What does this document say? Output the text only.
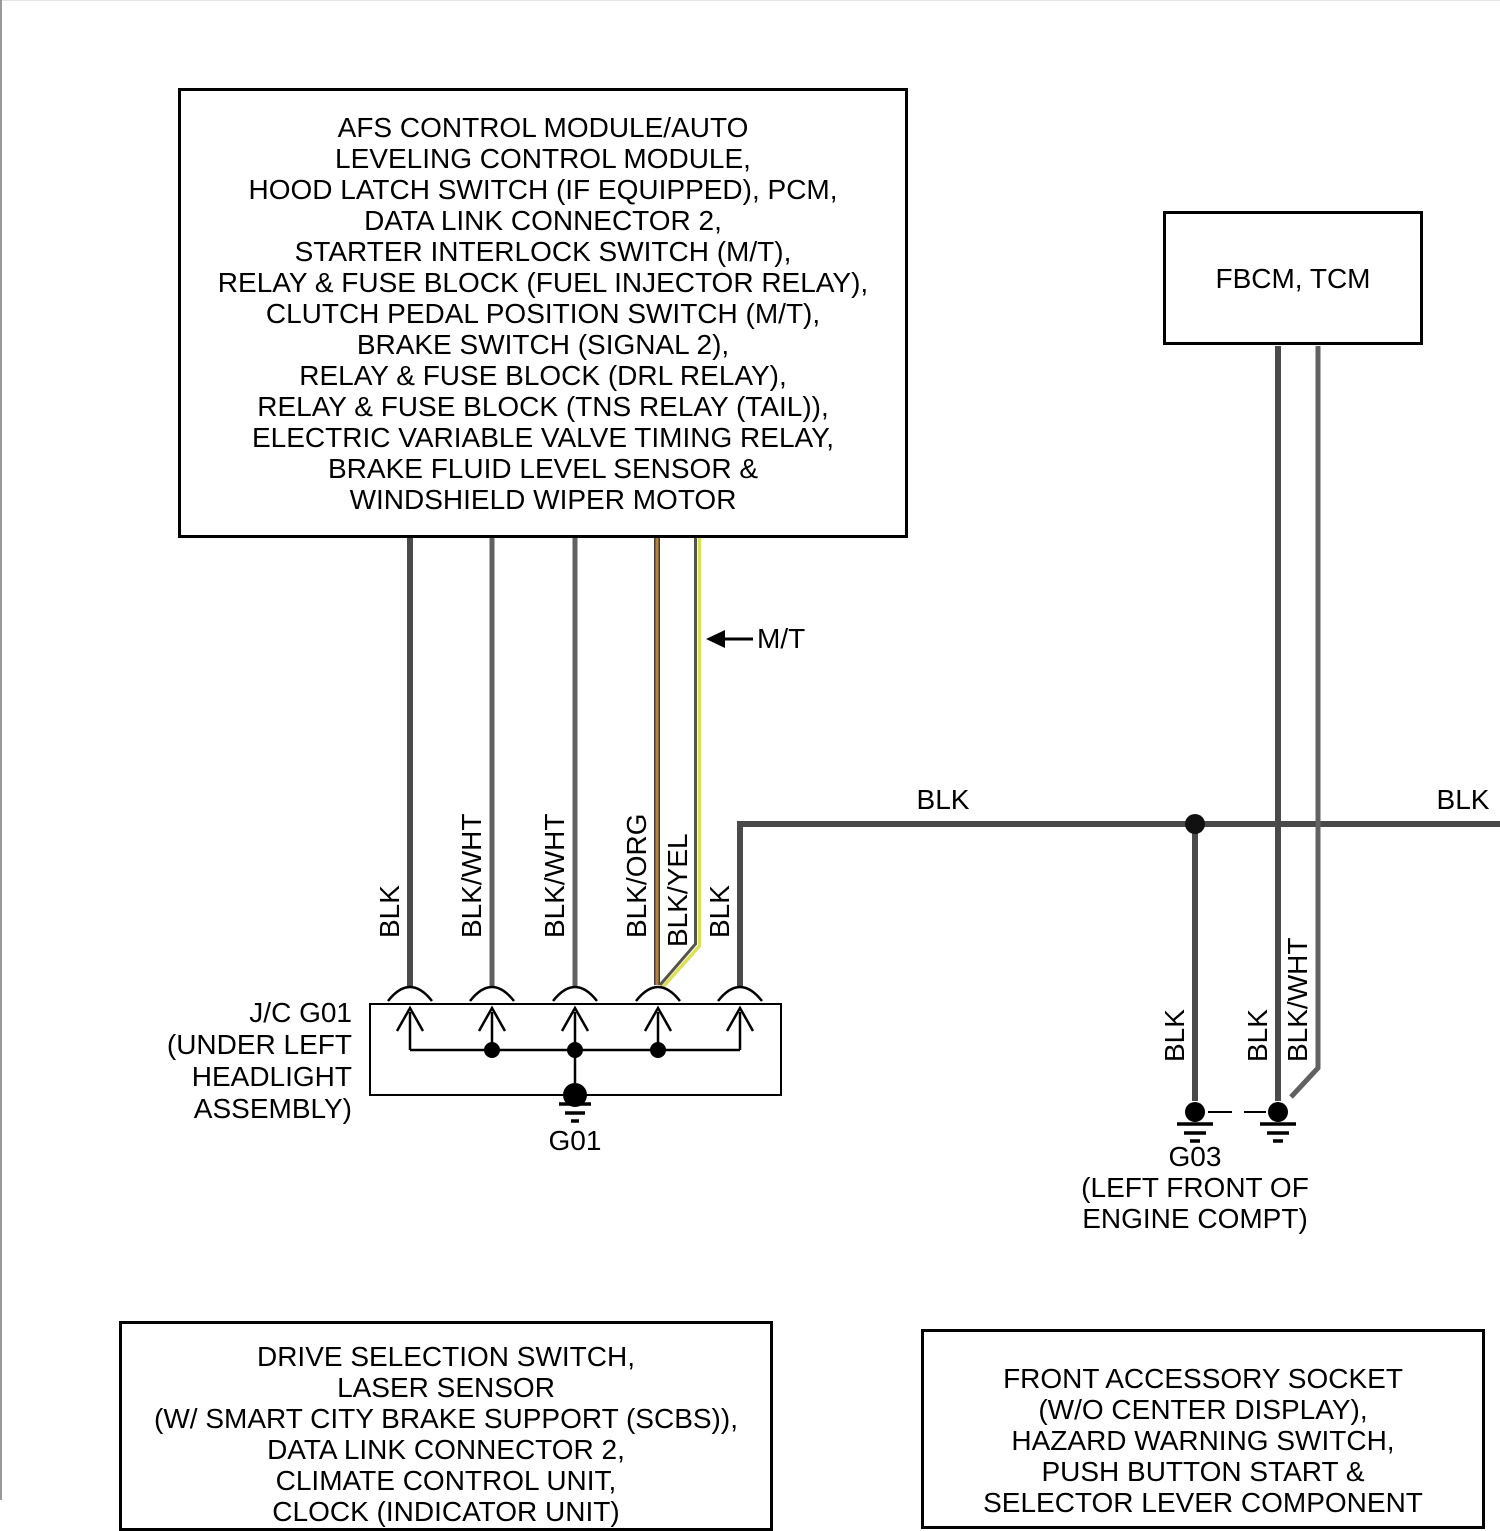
AFS CONTROL MODULE/AUTO
LEVELING CONTROL MODULE,
HOOD LATCH SWITCH (IF EQUIPPED), PCM,
DATA LINK CONNECTOR 2,
STARTER INTERLOCK SWITCH (M/T),
RELAY & FUSE BLOCK (FUEL INJECTOR RELAY),
CLUTCH PEDAL POSITION SWITCH (M/T),
BRAKE SWITCH (SIGNAL 2),
RELAY & FUSE BLOCK (DRL RELAY),
RELAY & FUSE BLOCK (TNS RELAY (TAIL)),
ELECTRIC VARIABLE VALVE TIMING RELAY,
BRAKE FLUID LEVEL SENSOR &
WINDSHIELD WIPER MOTOR
FBCM, TCM
DRIVE SELECTION SWITCH,
LASER SENSOR
(W/ SMART CITY BRAKE SUPPORT (SCBS)),
DATA LINK CONNECTOR 2,
CLIMATE CONTROL UNIT,
CLOCK (INDICATOR UNIT)
FRONT ACCESSORY SOCKET
(W/O CENTER DISPLAY),
HAZARD WARNING SWITCH,
PUSH BUTTON START &
SELECTOR LEVER COMPONENT
BLK BLK/WHT BLK/WHT BLK/ORG BLK/YEL BLK
BLK BLK BLK/WHT
BLK	BLK
M/T
J/C G01
(UNDER LEFT
HEADLIGHT
ASSEMBLY)
G01
G03
(LEFT FRONT OF
ENGINE COMPT)
